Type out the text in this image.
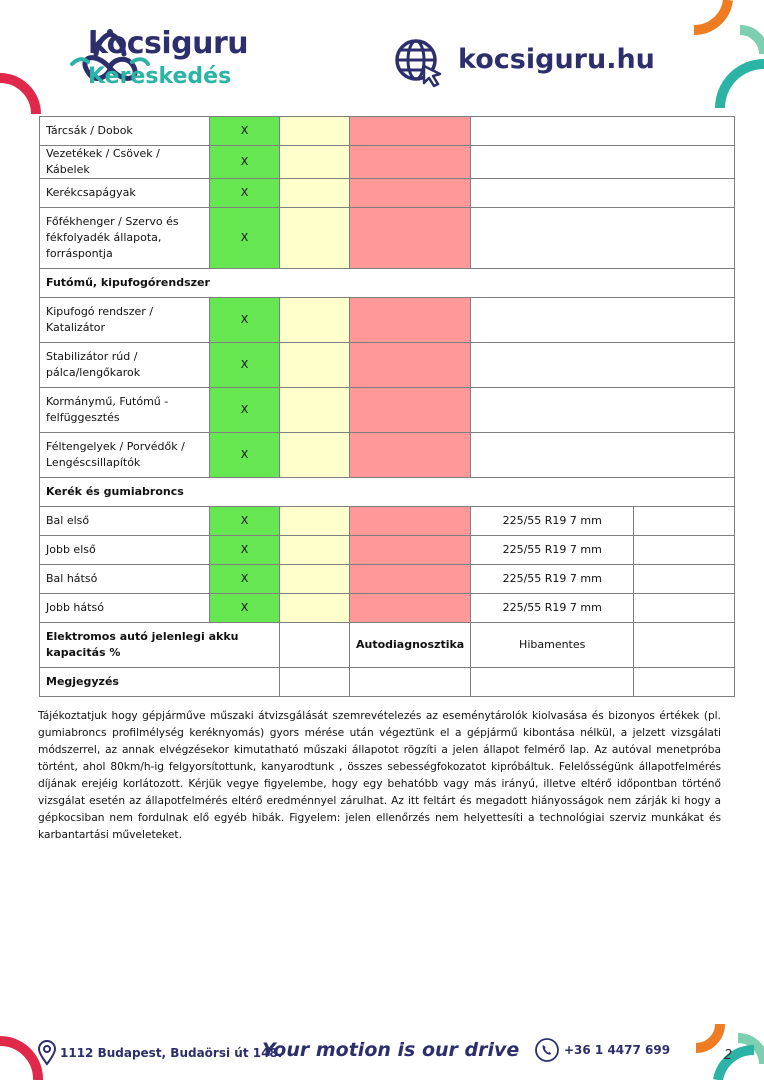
kocsiguru
Kereskedés
kocsiguru.hu
Tárcsák / Dobok	X				
Vezetékek / Csövek / Kábelek	X				
Kerékcsapágyak	X				
Főfékhenger / Szervo és fékfolyadék állapota, forráspontja	X				
Futómű, kipufogórendszer					
Kipufogó rendszer / Katalizátor	X				
Stabilizátor rúd / pálca/lengőkarok	X				
Kormánymű, Futómű - felfüggesztés	X				
Féltengelyek / Porvédők / Lengéscsillapítók	X				
Kerék és gumiabroncs					
Bal első	X			225/55 R19 7 mm	
Jobb első	X			225/55 R19 7 mm	
Bal hátsó	X			225/55 R19 7 mm	
Jobb hátsó	X			225/55 R19 7 mm	
Elektromos autó jelenlegi akku kapacitás %			Autodiagnosztika	Hibamentes	
Megjegyzés					
Tájékoztatjuk hogy gépjárműve műszaki átvizsgálását szemrevételezés az eseménytárolók kiolvasása és bizonyos értékek (pl. gumiabroncs profilmélység keréknyomás) gyors mérése után végeztünk el a gépjármű kibontása nélkül, a jelzett vizsgálati módszerrel, az annak elvégzésekor kimutatható műszaki állapotot rögzíti a jelen állapot felmérő lap. Az autóval menetpróba történt, ahol 80km/h-ig felgyorsítottunk, kanyarodtunk , összes sebességfokozatot kipróbáltuk. Felelősségünk állapotfelmérés díjának erejéig korlátozott. Kérjük vegye figyelembe, hogy egy behatóbb vagy más irányú, illetve eltérő időpontban történő vizsgálat esetén az állapotfelmérés eltérő eredménnyel zárulhat. Az itt feltárt és megadott hiányosságok nem zárják ki hogy a gépkocsiban nem fordulnak elő egyéb hibák. Figyelem: jelen ellenőrzés nem helyettesíti a technológiai szerviz munkákat és karbantartási műveleteket.
1112 Budapest, Budaörsi út 148.
Your motion is our drive	+36 1 4477 699	2
